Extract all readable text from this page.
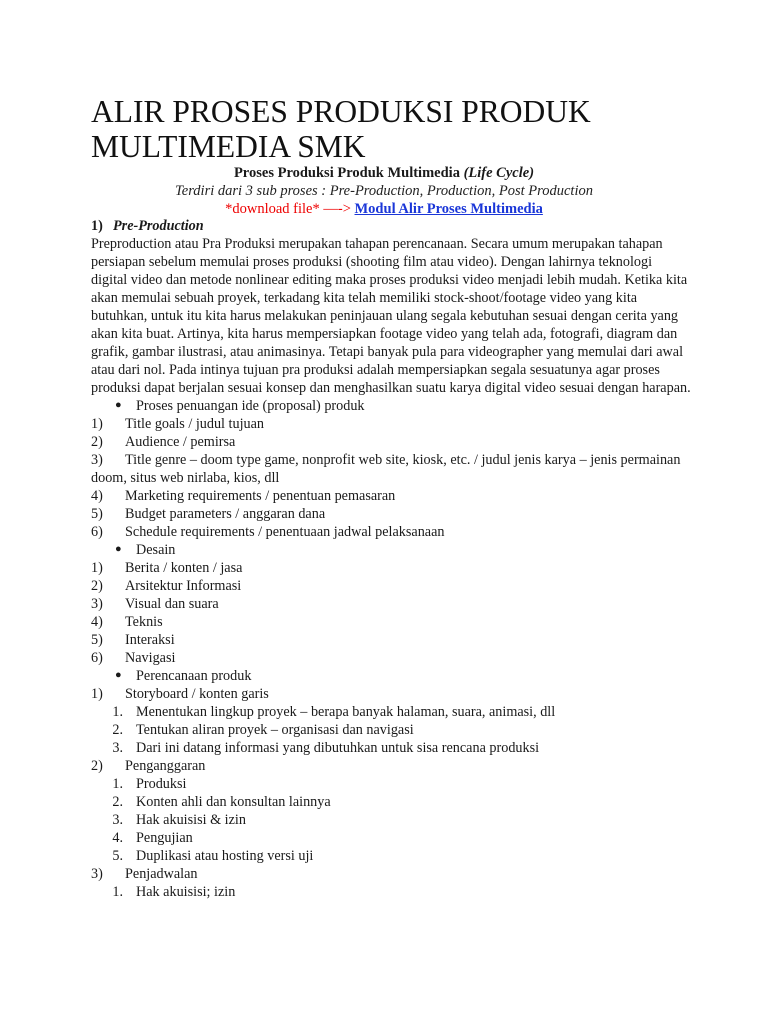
ALIR PROSES PRODUKSI PRODUK MULTIMEDIA SMK
Proses Produksi Produk Multimedia (Life Cycle)
Terdiri dari 3 sub proses : Pre-Production, Production, Post Production
*download file* —-> Modul Alir Proses Multimedia
1) Pre-Production

Preproduction atau Pra Produksi merupakan tahapan perencanaan. Secara umum merupakan tahapan persiapan sebelum memulai proses produksi (shooting film atau video). Dengan lahirnya teknologi digital video dan metode nonlinear editing maka proses produksi video menjadi lebih mudah. Ketika kita akan memulai sebuah proyek, terkadang kita telah memiliki stock-shoot/footage video yang kita butuhkan, untuk itu kita harus melakukan peninjauan ulang segala kebutuhan sesuai dengan cerita yang akan kita buat. Artinya, kita harus mempersiapkan footage video yang telah ada, fotografi, diagram dan grafik, gambar ilustrasi, atau animasinya. Tetapi banyak pula para videographer yang memulai dari awal atau dari nol. Pada intinya tujuan pra produksi adalah mempersiapkan segala sesuatunya agar proses produksi dapat berjalan sesuai konsep dan menghasilkan suatu karya digital video sesuai dengan harapan.

● Proses penuangan ide (proposal) produk
1) Title goals / judul tujuan
2) Audience / pemirsa
3)	Title genre – doom type game, nonprofit web site, kiosk, etc. / judul jenis karya – jenis permainan doom, situs web nirlaba, kios, dll
4) Marketing requirements / penentuan pemasaran
5) Budget parameters / anggaran dana
6) Schedule requirements / penentuaan jadwal pelaksanaan
● Desain
1) Berita / konten / jasa
2) Arsitektur Informasi
3) Visual dan suara
4) Teknis
5) Interaksi
6) Navigasi
● Perencanaan produk
1) Storyboard / konten garis
1. Menentukan lingkup proyek – berapa banyak halaman, suara, animasi, dll
2. Tentukan aliran proyek – organisasi dan navigasi
3. Dari ini datang informasi yang dibutuhkan untuk sisa rencana produksi
2) Penganggaran
1. Produksi
2. Konten ahli dan konsultan lainnya
3. Hak akuisisi & izin
4. Pengujian
5. Duplikasi atau hosting versi uji
3) Penjadwalan
1. Hak akuisisi; izin
